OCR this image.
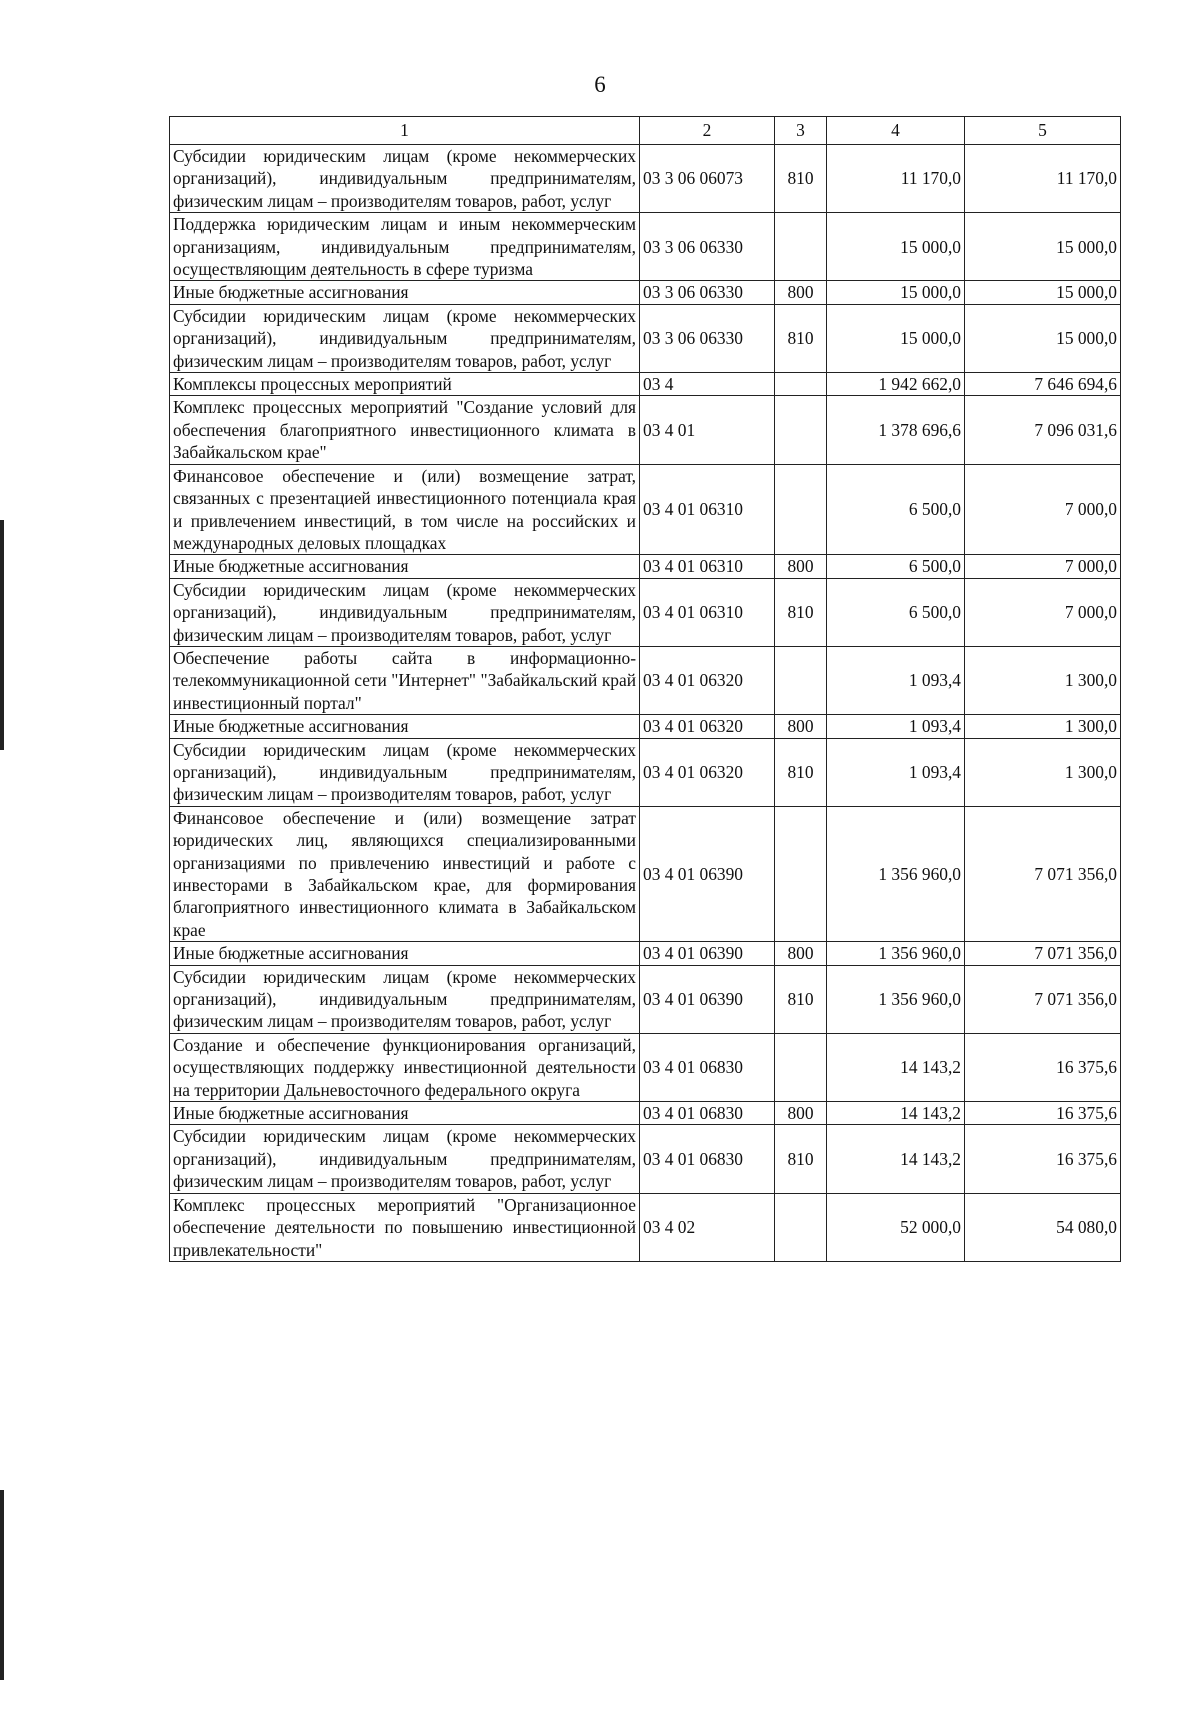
6
1	2	3	4	5
Субсидии юридическим лицам (кроме некоммерческих организаций), индивидуальным предпринимателям, физическим лицам – производителям товаров, работ, услуг	03 3 06 06073	810	11 170,0	11 170,0
Поддержка юридическим лицам и иным некоммерческим организациям, индивидуальным предпринимателям, осуществляющим деятельность в сфере туризма	03 3 06 06330		15 000,0	15 000,0
Иные бюджетные ассигнования	03 3 06 06330	800	15 000,0	15 000,0
Субсидии юридическим лицам (кроме некоммерческих организаций), индивидуальным предпринимателям, физическим лицам – производителям товаров, работ, услуг	03 3 06 06330	810	15 000,0	15 000,0
Комплексы процессных мероприятий	03 4		1 942 662,0	7 646 694,6
Комплекс процессных мероприятий "Создание условий для обеспечения благоприятного инвестиционного климата в Забайкальском крае"	03 4 01		1 378 696,6	7 096 031,6
Финансовое обеспечение и (или) возмещение затрат, связанных с презентацией инвестиционного потенциала края и привлечением инвестиций, в том числе на российских и международных деловых площадках	03 4 01 06310		6 500,0	7 000,0
Иные бюджетные ассигнования	03 4 01 06310	800	6 500,0	7 000,0
Субсидии юридическим лицам (кроме некоммерческих организаций), индивидуальным предпринимателям, физическим лицам – производителям товаров, работ, услуг	03 4 01 06310	810	6 500,0	7 000,0
Обеспечение работы сайта в информационно-телекоммуникационной сети "Интернет" "Забайкальский край инвестиционный портал"	03 4 01 06320		1 093,4	1 300,0
Иные бюджетные ассигнования	03 4 01 06320	800	1 093,4	1 300,0
Субсидии юридическим лицам (кроме некоммерческих организаций), индивидуальным предпринимателям, физическим лицам – производителям товаров, работ, услуг	03 4 01 06320	810	1 093,4	1 300,0
Финансовое обеспечение и (или) возмещение затрат юридических лиц, являющихся специализированными организациями по привлечению инвестиций и работе с инвесторами в Забайкальском крае, для формирования благоприятного инвестиционного климата в Забайкальском крае	03 4 01 06390		1 356 960,0	7 071 356,0
Иные бюджетные ассигнования	03 4 01 06390	800	1 356 960,0	7 071 356,0
Субсидии юридическим лицам (кроме некоммерческих организаций), индивидуальным предпринимателям, физическим лицам – производителям товаров, работ, услуг	03 4 01 06390	810	1 356 960,0	7 071 356,0
Создание и обеспечение функционирования организаций, осуществляющих поддержку инвестиционной деятельности на территории Дальневосточного федерального округа	03 4 01 06830		14 143,2	16 375,6
Иные бюджетные ассигнования	03 4 01 06830	800	14 143,2	16 375,6
Субсидии юридическим лицам (кроме некоммерческих организаций), индивидуальным предпринимателям, физическим лицам – производителям товаров, работ, услуг	03 4 01 06830	810	14 143,2	16 375,6
Комплекс процессных мероприятий "Организационное обеспечение деятельности по повышению инвестиционной привлекательности"	03 4 02		52 000,0	54 080,0
